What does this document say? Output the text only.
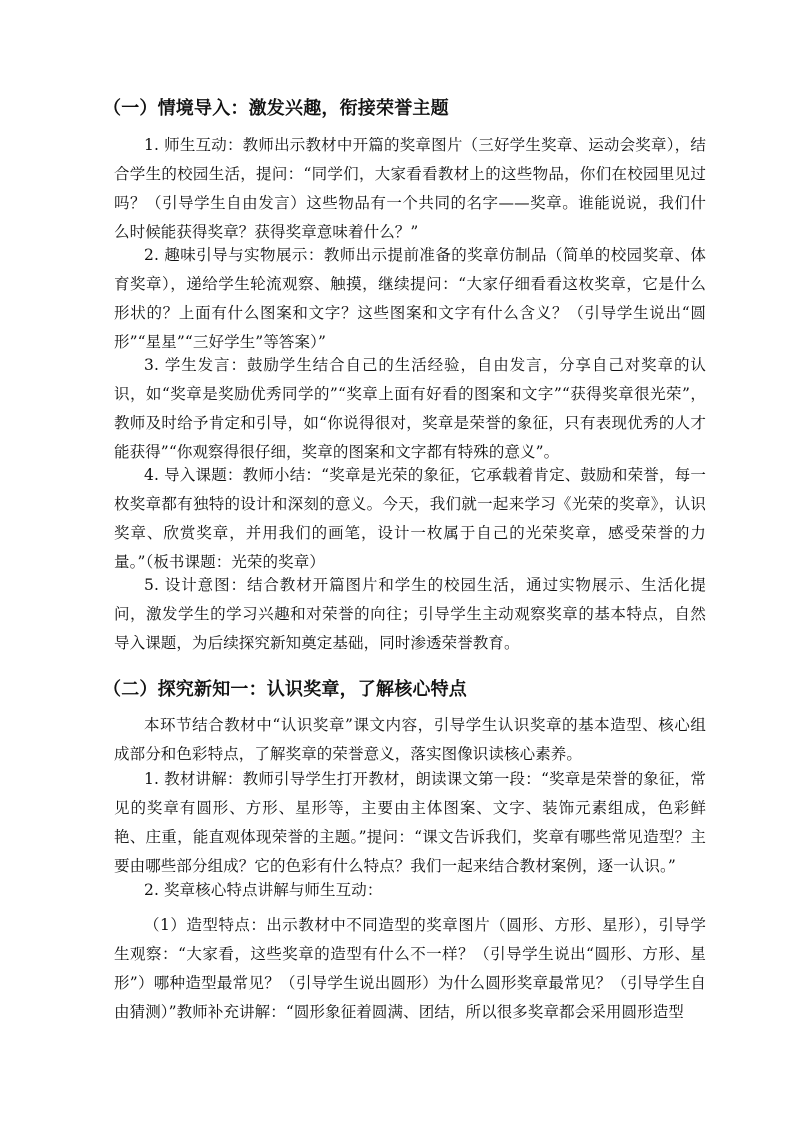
（一）情境导入：激发兴趣，衔接荣誉主题

1. 师生互动：教师出示教材中开篇的奖章图片（三好学生奖章、运动会奖章），结合学生的校园生活，提问：“同学们，大家看看教材上的这些物品，你们在校园里见过吗？（引导学生自由发言）这些物品有一个共同的名字——奖章。谁能说说，我们什么时候能获得奖章？获得奖章意味着什么？”

2. 趣味引导与实物展示：教师出示提前准备的奖章仿制品（简单的校园奖章、体育奖章），递给学生轮流观察、触摸，继续提问：“大家仔细看看这枚奖章，它是什么形状的？上面有什么图案和文字？这些图案和文字有什么含义？（引导学生说出“圆形”“星星”“三好学生”等答案）”

3. 学生发言：鼓励学生结合自己的生活经验，自由发言，分享自己对奖章的认识，如“奖章是奖励优秀同学的”“奖章上面有好看的图案和文字”“获得奖章很光荣”，教师及时给予肯定和引导，如“你说得很对，奖章是荣誉的象征，只有表现优秀的人才能获得”“你观察得很仔细，奖章的图案和文字都有特殊的意义”。

4. 导入课题：教师小结：“奖章是光荣的象征，它承载着肯定、鼓励和荣誉，每一枚奖章都有独特的设计和深刻的意义。今天，我们就一起来学习《光荣的奖章》，认识奖章、欣赏奖章，并用我们的画笔，设计一枚属于自己的光荣奖章，感受荣誉的力量。”（板书课题：光荣的奖章）

5. 设计意图：结合教材开篇图片和学生的校园生活，通过实物展示、生活化提问，激发学生的学习兴趣和对荣誉的向往；引导学生主动观察奖章的基本特点，自然导入课题，为后续探究新知奠定基础，同时渗透荣誉教育。

（二）探究新知一：认识奖章，了解核心特点

本环节结合教材中“认识奖章”课文内容，引导学生认识奖章的基本造型、核心组成部分和色彩特点，了解奖章的荣誉意义，落实图像识读核心素养。

1. 教材讲解：教师引导学生打开教材，朗读课文第一段：“奖章是荣誉的象征，常见的奖章有圆形、方形、星形等，主要由主体图案、文字、装饰元素组成，色彩鲜艳、庄重，能直观体现荣誉的主题。”提问：“课文告诉我们，奖章有哪些常见造型？主要由哪些部分组成？它的色彩有什么特点？我们一起来结合教材案例，逐一认识。”

2. 奖章核心特点讲解与师生互动：

（1）造型特点：出示教材中不同造型的奖章图片（圆形、方形、星形），引导学生观察：“大家看，这些奖章的造型有什么不一样？（引导学生说出“圆形、方形、星形”）哪种造型最常见？（引导学生说出圆形）为什么圆形奖章最常见？（引导学生自由猜测）”教师补充讲解：“圆形象征着圆满、团结，所以很多奖章都会采用圆形造型
